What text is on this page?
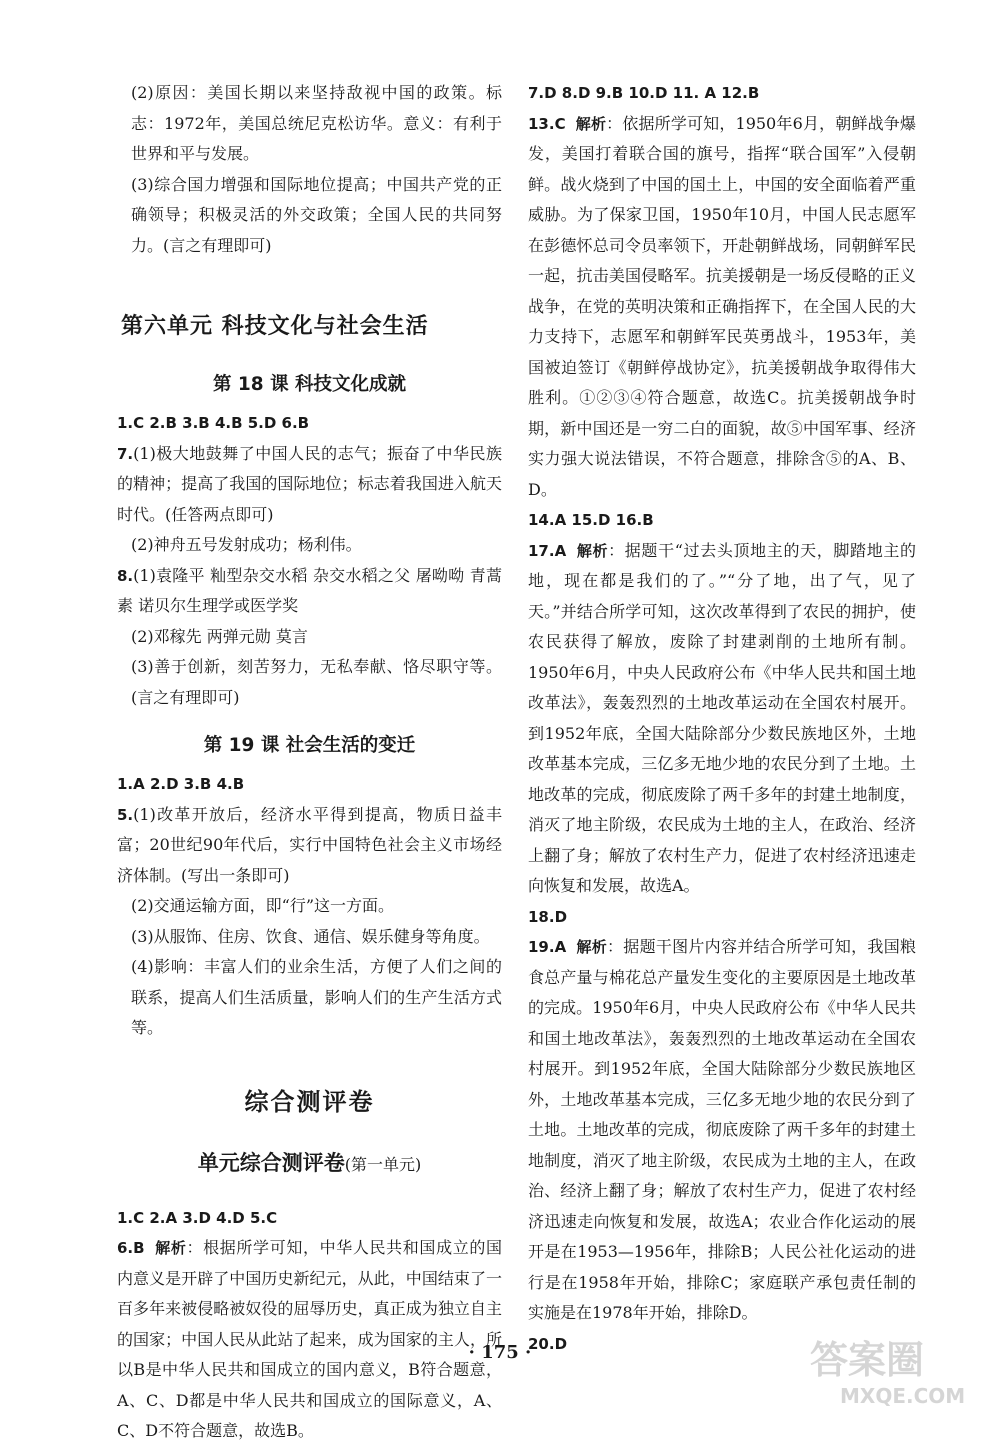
(2)原因：美国长期以来坚持敌视中国的政策。标志：1972年，美国总统尼克松访华。意义：有利于世界和平与发展。
(3)综合国力增强和国际地位提高；中国共产党的正确领导；积极灵活的外交政策；全国人民的共同努力。(言之有理即可)
第六单元 科技文化与社会生活
第 18 课 科技文化成就
1.C 2.B 3.B 4.B 5.D 6.B
7.(1)极大地鼓舞了中国人民的志气；振奋了中华民族的精神；提高了我国的国际地位；标志着我国进入航天时代。(任答两点即可)
(2)神舟五号发射成功；杨利伟。
8.(1)袁隆平 籼型杂交水稻 杂交水稻之父 屠呦呦 青蒿素 诺贝尔生理学或医学奖
(2)邓稼先 两弹元勋 莫言
(3)善于创新，刻苦努力，无私奉献、恪尽职守等。(言之有理即可)
第 19 课 社会生活的变迁
1.A 2.D 3.B 4.B
5.(1)改革开放后，经济水平得到提高，物质日益丰富；20世纪90年代后，实行中国特色社会主义市场经济体制。(写出一条即可)
(2)交通运输方面，即“行”这一方面。
(3)从服饰、住房、饮食、通信、娱乐健身等角度。
(4)影响：丰富人们的业余生活，方便了人们之间的联系，提高人们生活质量，影响人们的生产生活方式等。
综合测评卷
单元综合测评卷(第一单元)
1.C 2.A 3.D 4.D 5.C
6.B 解析：根据所学可知，中华人民共和国成立的国内意义是开辟了中国历史新纪元，从此，中国结束了一百多年来被侵略被奴役的屈辱历史，真正成为独立自主的国家；中国人民从此站了起来，成为国家的主人，所以B是中华人民共和国成立的国内意义，B符合题意，A、C、D都是中华人民共和国成立的国际意义，A、C、D不符合题意，故选B。
7.D 8.D 9.B 10.D 11. A 12.B
13.C 解析：依据所学可知，1950年6月，朝鲜战争爆发，美国打着联合国的旗号，指挥“联合国军”入侵朝鲜。战火烧到了中国的国土上，中国的安全面临着严重威胁。为了保家卫国，1950年10月，中国人民志愿军在彭德怀总司令员率领下，开赴朝鲜战场，同朝鲜军民一起，抗击美国侵略军。抗美援朝是一场反侵略的正义战争，在党的英明决策和正确指挥下，在全国人民的大力支持下，志愿军和朝鲜军民英勇战斗，1953年，美国被迫签订《朝鲜停战协定》，抗美援朝战争取得伟大胜利。①②③④符合题意，故选C。抗美援朝战争时期，新中国还是一穷二白的面貌，故⑤中国军事、经济实力强大说法错误，不符合题意，排除含⑤的A、B、D。
14.A 15.D 16.B
17.A 解析：据题干“过去头顶地主的天，脚踏地主的地，现在都是我们的了。”“分了地，出了气，见了天。”并结合所学可知，这次改革得到了农民的拥护，使农民获得了解放，废除了封建剥削的土地所有制。1950年6月，中央人民政府公布《中华人民共和国土地改革法》，轰轰烈烈的土地改革运动在全国农村展开。到1952年底，全国大陆除部分少数民族地区外，土地改革基本完成，三亿多无地少地的农民分到了土地。土地改革的完成，彻底废除了两千多年的封建土地制度，消灭了地主阶级，农民成为土地的主人，在政治、经济上翻了身；解放了农村生产力，促进了农村经济迅速走向恢复和发展，故选A。
18.D
19.A 解析：据题干图片内容并结合所学可知，我国粮食总产量与棉花总产量发生变化的主要原因是土地改革的完成。1950年6月，中央人民政府公布《中华人民共和国土地改革法》，轰轰烈烈的土地改革运动在全国农村展开。到1952年底，全国大陆除部分少数民族地区外，土地改革基本完成，三亿多无地少地的农民分到了土地。土地改革的完成，彻底废除了两千多年的封建土地制度，消灭了地主阶级，农民成为土地的主人，在政治、经济上翻了身；解放了农村生产力，促进了农村经济迅速走向恢复和发展，故选A；农业合作化运动的展开是在1953—1956年，排除B；人民公社化运动的进行是在1958年开始，排除C；家庭联产承包责任制的实施是在1978年开始，排除D。
20.D
· 175 ·	答案圈
MXQE.COM
